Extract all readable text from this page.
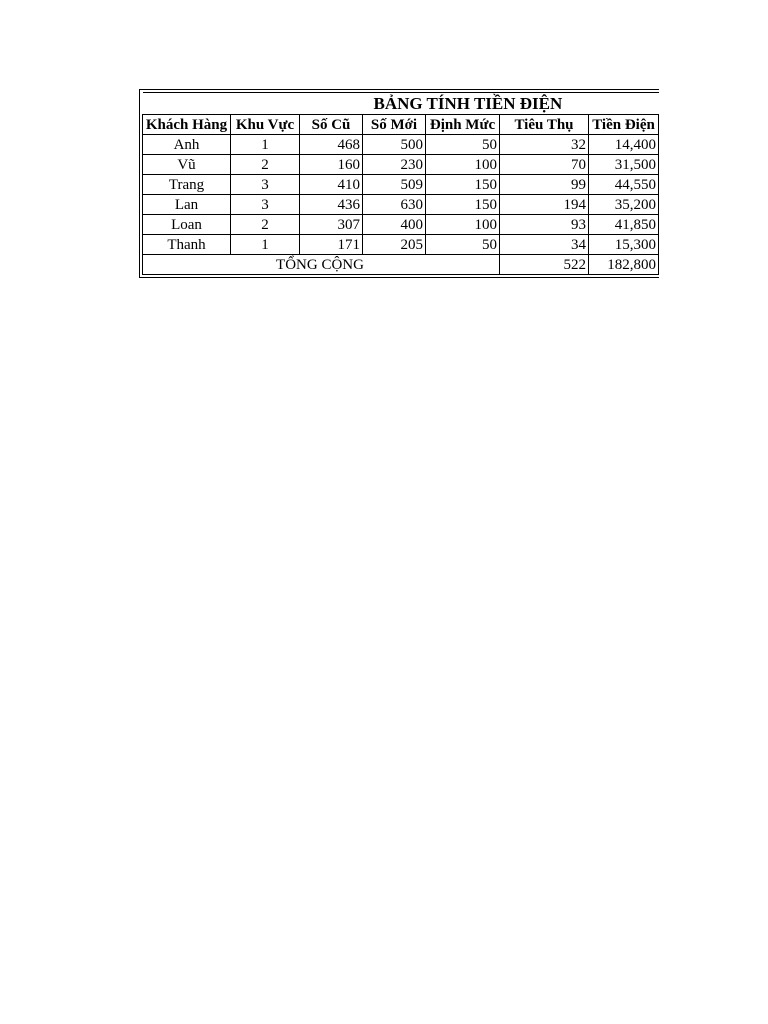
BẢNG TÍNH TIỀN ĐIỆN						
Khách Hàng	Khu Vực	Số Cũ	Số Mới	Định Mức	Tiêu Thụ	Tiền Điện
Anh	1	468	500	50	32	14,400
Vũ	2	160	230	100	70	31,500
Trang	3	410	509	150	99	44,550
Lan	3	436	630	150	194	35,200
Loan	2	307	400	100	93	41,850
Thanh	1	171	205	50	34	15,300
TỔNG CỘNG					522	182,800
